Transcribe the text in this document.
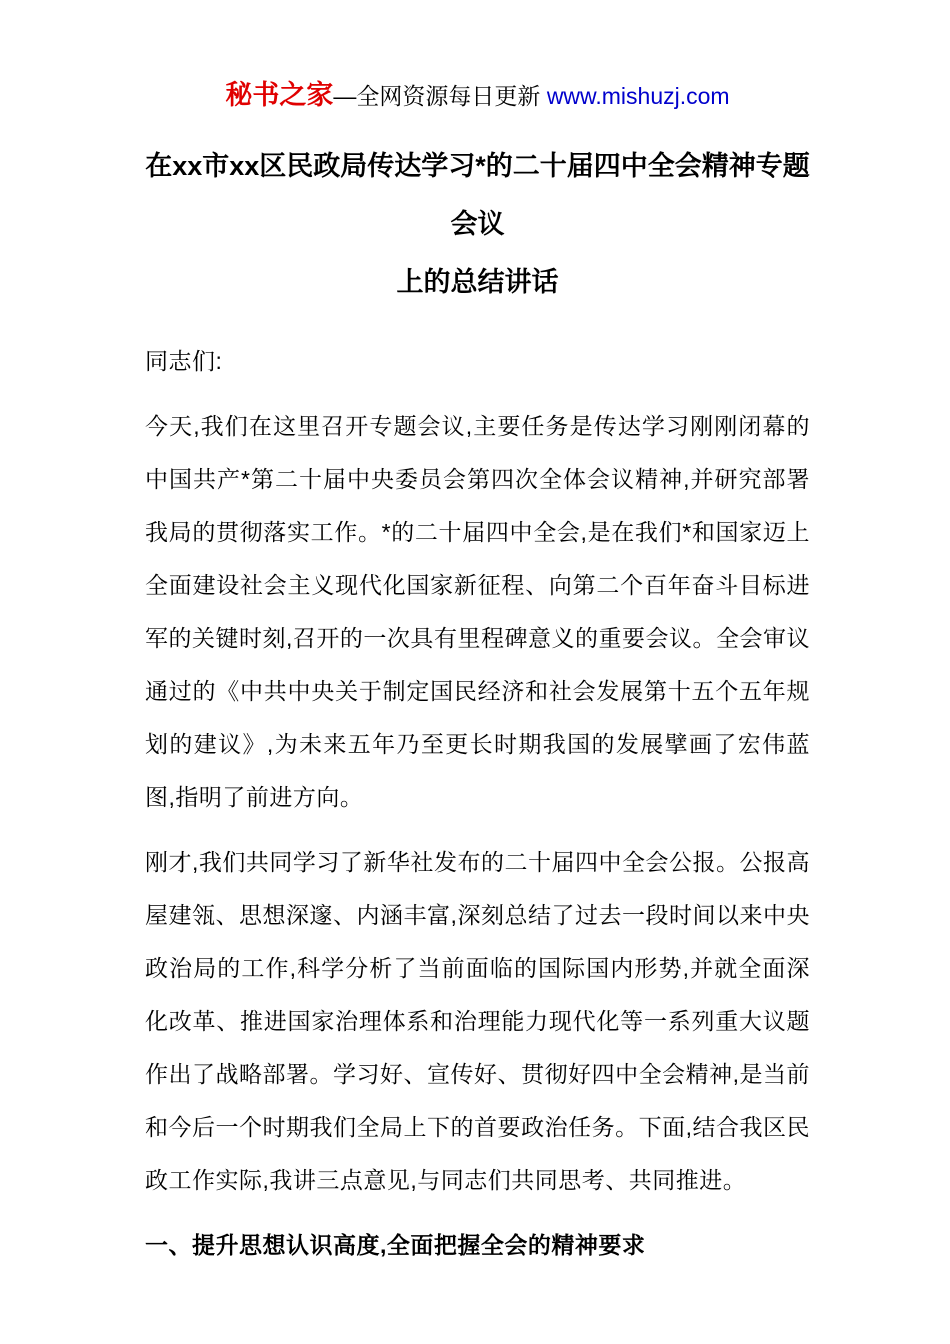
秘书之家—全网资源每日更新 www.mishuzj.com
在xx市xx区民政局传达学习*的二十届四中全会精神专题会议
上的总结讲话

同志们:

今天,我们在这里召开专题会议,主要任务是传达学习刚刚闭幕的中国共产*第二十届中央委员会第四次全体会议精神,并研究部署我局的贯彻落实工作。*的二十届四中全会,是在我们*和国家迈上全面建设社会主义现代化国家新征程、向第二个百年奋斗目标进军的关键时刻,召开的一次具有里程碑意义的重要会议。全会审议通过的《中共中央关于制定国民经济和社会发展第十五个五年规划的建议》,为未来五年乃至更长时期我国的发展擘画了宏伟蓝图,指明了前进方向。

刚才,我们共同学习了新华社发布的二十届四中全会公报。公报高屋建瓴、思想深邃、内涵丰富,深刻总结了过去一段时间以来中央政治局的工作,科学分析了当前面临的国际国内形势,并就全面深化改革、推进国家治理体系和治理能力现代化等一系列重大议题作出了战略部署。学习好、宣传好、贯彻好四中全会精神,是当前和今后一个时期我们全局上下的首要政治任务。下面,结合我区民政工作实际,我讲三点意见,与同志们共同思考、共同推进。

一、提升思想认识高度,全面把握全会的精神要求
